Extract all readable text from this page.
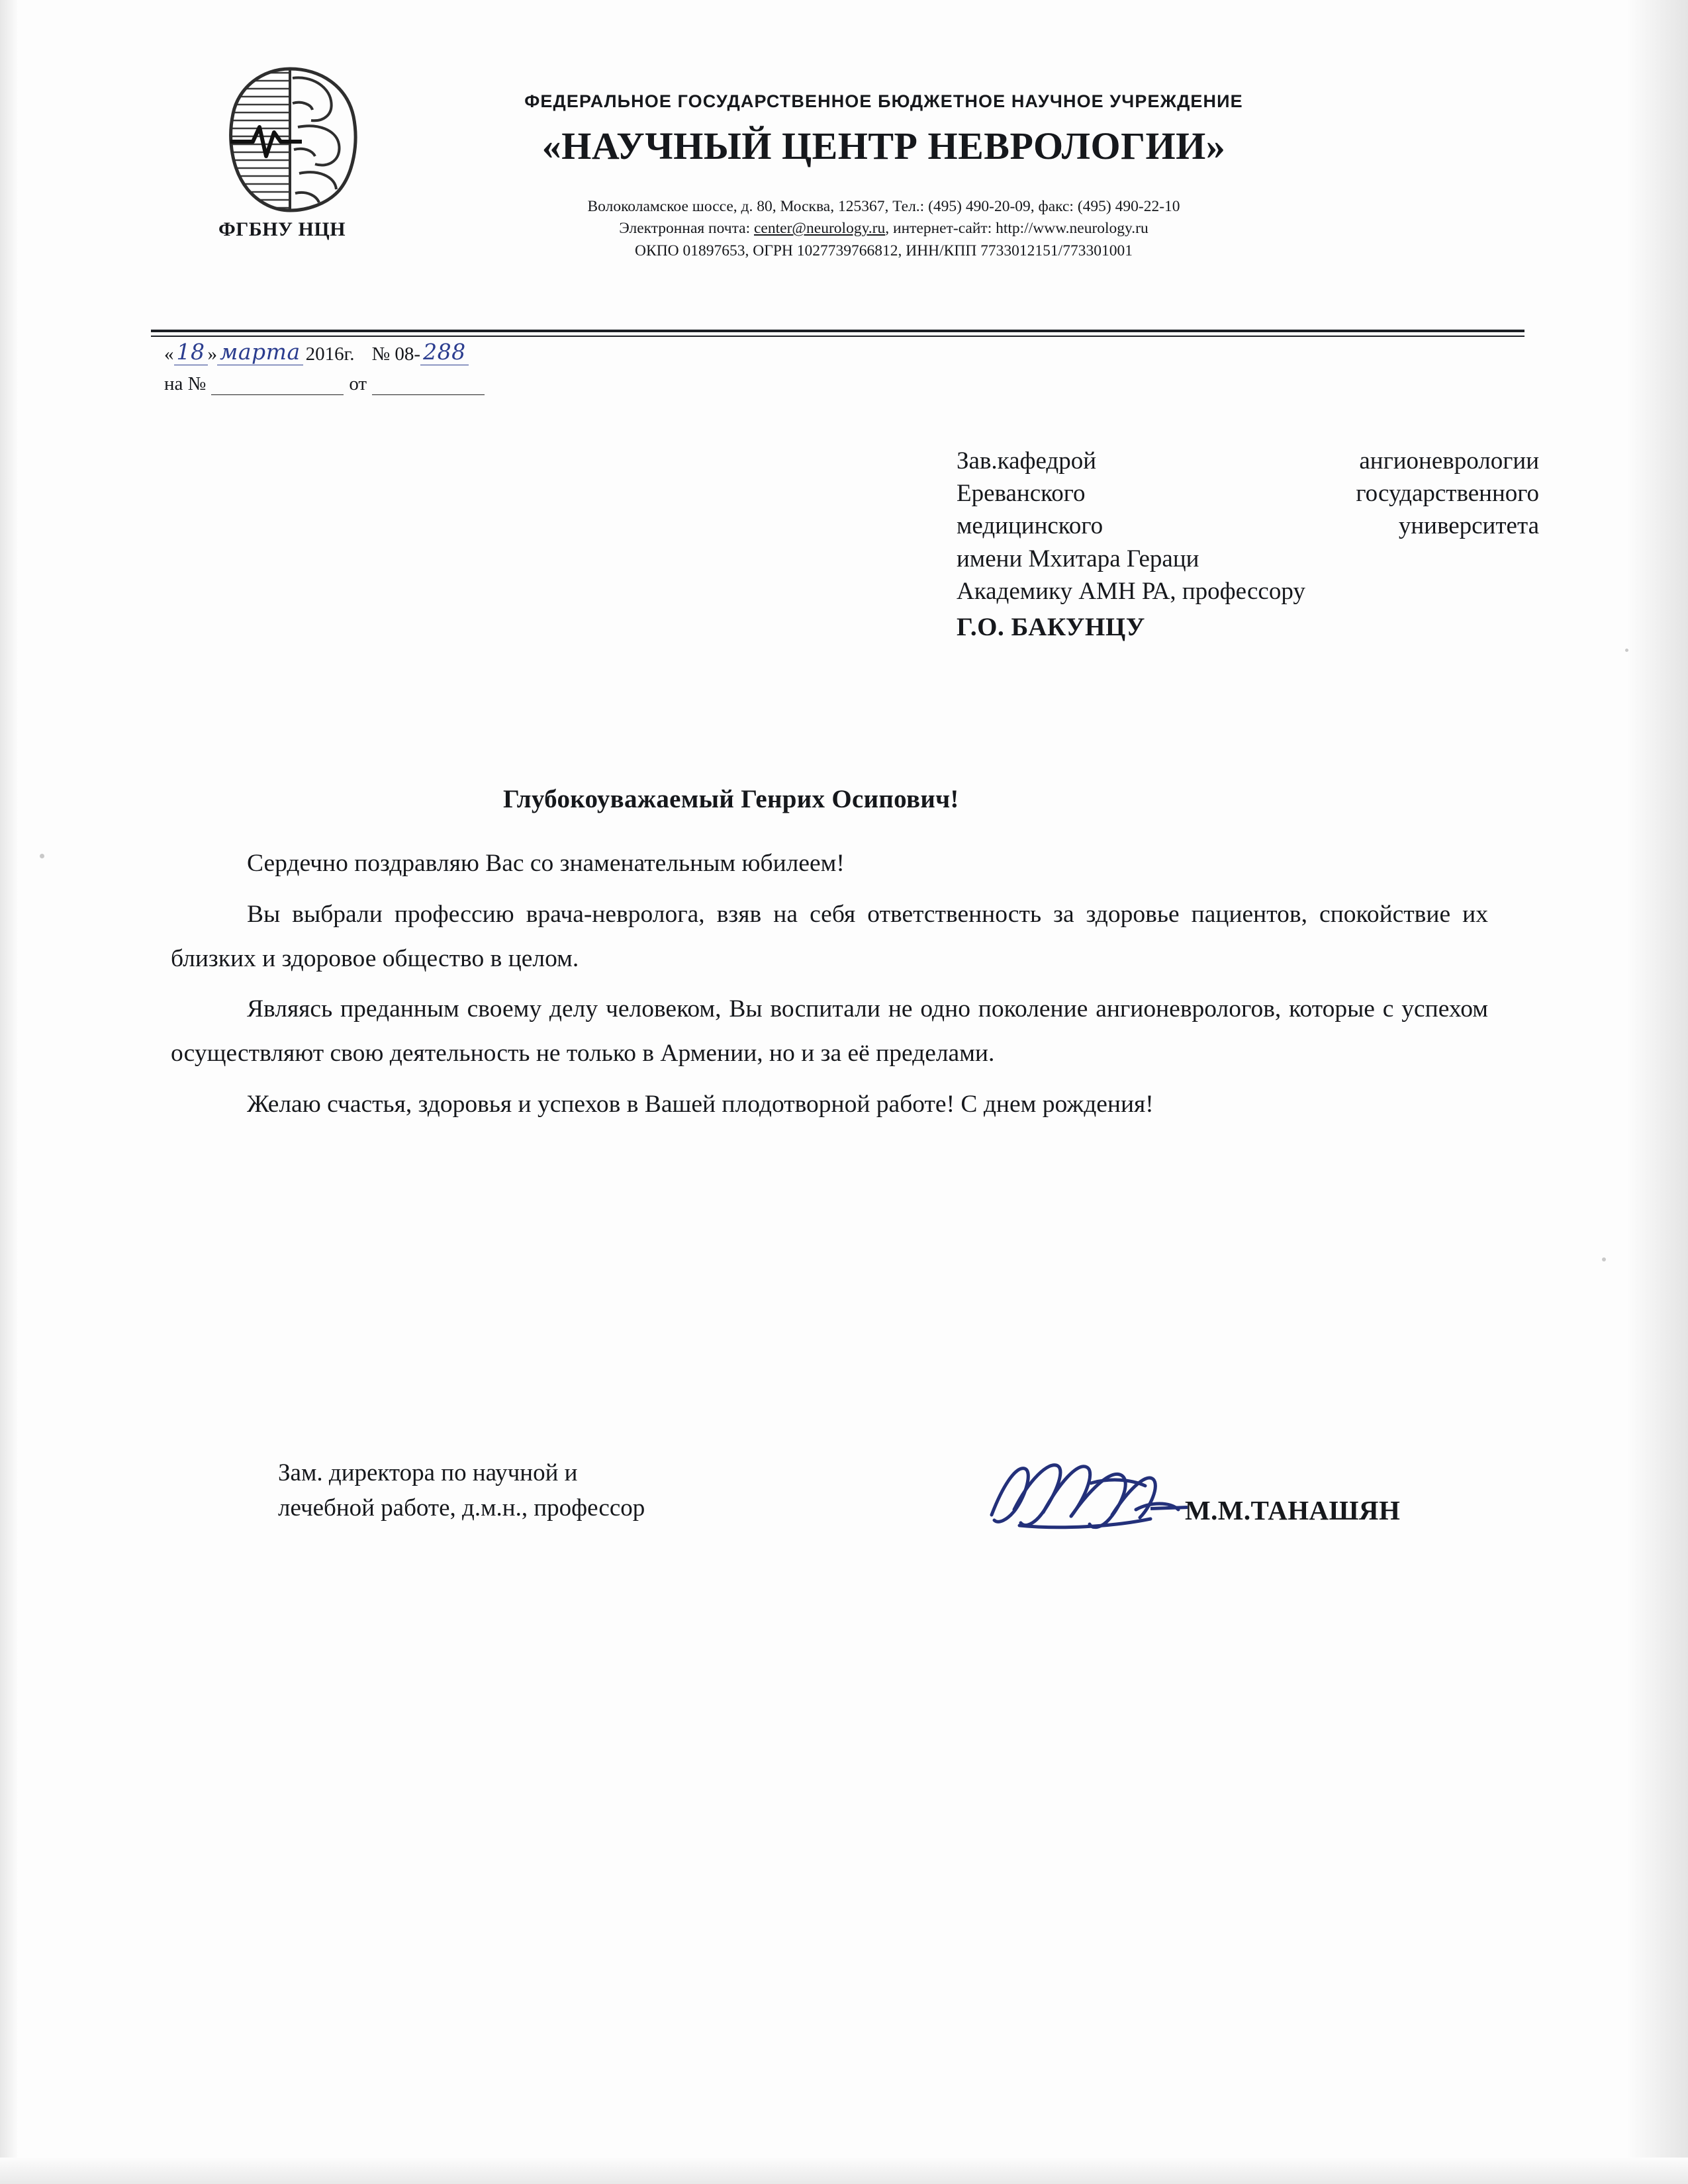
ФГБНУ НЦН
ФЕДЕРАЛЬНОЕ ГОСУДАРСТВЕННОЕ БЮДЖЕТНОЕ НАУЧНОЕ УЧРЕЖДЕНИЕ
«НАУЧНЫЙ ЦЕНТР НЕВРОЛОГИИ»
Волоколамское шоссе, д. 80, Москва, 125367, Тел.: (495) 490-20-09, факс: (495) 490-22-10
Электронная почта: center@neurology.ru, интернет-сайт: http://www.neurology.ru
ОКПО 01897653, ОГРН 1027739766812, ИНН/КПП 7733012151/773301001
« 18 » марта 2016г. № 08- 288
на №	от
Зав.кафедрой ангионеврологии
Ереванского государственного
медицинского университета
имени Мхитара Гераци
Академику АМН РА, профессору
Г.О. БАКУНЦУ
Глубокоуважаемый Генрих Осипович!

Сердечно поздравляю Вас со знаменательным юбилеем!

Вы выбрали профессию врача-невролога, взяв на себя ответственность за здоровье пациентов, спокойствие их близких и здоровое общество в целом.

Являясь преданным своему делу человеком, Вы воспитали не одно поколение ангионеврологов, которые с успехом осуществляют свою деятельность не только в Армении, но и за её пределами.

Желаю счастья, здоровья и успехов в Вашей плодотворной работе! С днем рождения!

Зам. директора по научной и
лечебной работе, д.м.н., профессор	М.М.ТАНАШЯН
